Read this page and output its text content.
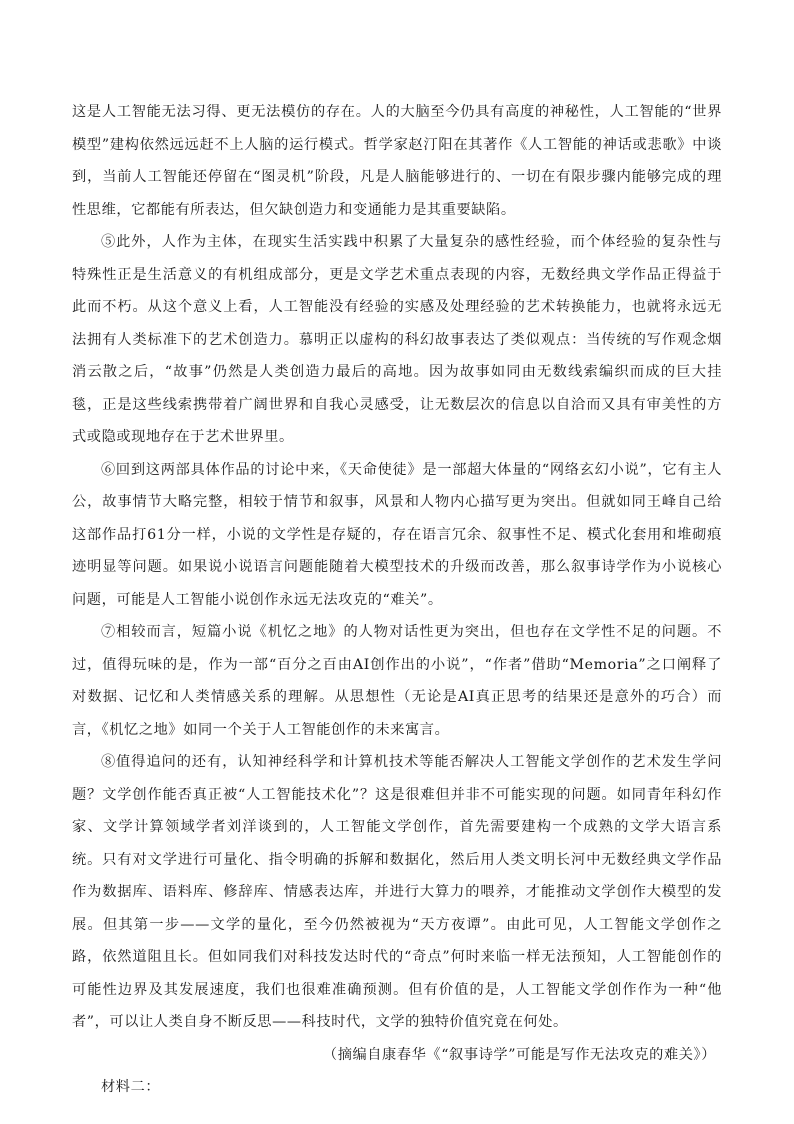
这是人工智能无法习得、更无法模仿的存在。人的大脑至今仍具有高度的神秘性，人工智能的“世界模型”建构依然远远赶不上人脑的运行模式。哲学家赵汀阳在其著作《人工智能的神话或悲歌》中谈到，当前人工智能还停留在“图灵机”阶段，凡是人脑能够进行的、一切在有限步骤内能够完成的理性思维，它都能有所表达，但欠缺创造力和变通能力是其重要缺陷。

⑤此外，人作为主体，在现实生活实践中积累了大量复杂的感性经验，而个体经验的复杂性与特殊性正是生活意义的有机组成部分，更是文学艺术重点表现的内容，无数经典文学作品正得益于此而不朽。从这个意义上看，人工智能没有经验的实感及处理经验的艺术转换能力，也就将永远无法拥有人类标准下的艺术创造力。慕明正以虚构的科幻故事表达了类似观点：当传统的写作观念烟消云散之后，“故事”仍然是人类创造力最后的高地。因为故事如同由无数线索编织而成的巨大挂毯，正是这些线索携带着广阔世界和自我心灵感受，让无数层次的信息以自洽而又具有审美性的方式或隐或现地存在于艺术世界里。

⑥回到这两部具体作品的讨论中来，《天命使徒》是一部超大体量的“网络玄幻小说”，它有主人公，故事情节大略完整，相较于情节和叙事，风景和人物内心描写更为突出。但就如同王峰自己给这部作品打61分一样，小说的文学性是存疑的，存在语言冗余、叙事性不足、模式化套用和堆砌痕迹明显等问题。如果说小说语言问题能随着大模型技术的升级而改善，那么叙事诗学作为小说核心问题，可能是人工智能小说创作永远无法攻克的“难关”。

⑦相较而言，短篇小说《机忆之地》的人物对话性更为突出，但也存在文学性不足的问题。不过，值得玩味的是，作为一部“百分之百由AI创作出的小说”，“作者”借助“Memoria”之口阐释了对数据、记忆和人类情感关系的理解。从思想性（无论是AI真正思考的结果还是意外的巧合）而言，《机忆之地》如同一个关于人工智能创作的未来寓言。

⑧值得追问的还有，认知神经科学和计算机技术等能否解决人工智能文学创作的艺术发生学问题？文学创作能否真正被“人工智能技术化”？这是很难但并非不可能实现的问题。如同青年科幻作家、文学计算领域学者刘洋谈到的，人工智能文学创作，首先需要建构一个成熟的文学大语言系统。只有对文学进行可量化、指令明确的拆解和数据化，然后用人类文明长河中无数经典文学作品作为数据库、语料库、修辞库、情感表达库，并进行大算力的喂养，才能推动文学创作大模型的发展。但其第一步——文学的量化，至今仍然被视为“天方夜谭”。由此可见，人工智能文学创作之路，依然道阻且长。但如同我们对科技发达时代的“奇点”何时来临一样无法预知，人工智能创作的可能性边界及其发展速度，我们也很难准确预测。但有价值的是，人工智能文学创作作为一种“他者”，可以让人类自身不断反思——科技时代，文学的独特价值究竟在何处。

（摘编自康春华《“叙事诗学”可能是写作无法攻克的难关》）

材料二：
